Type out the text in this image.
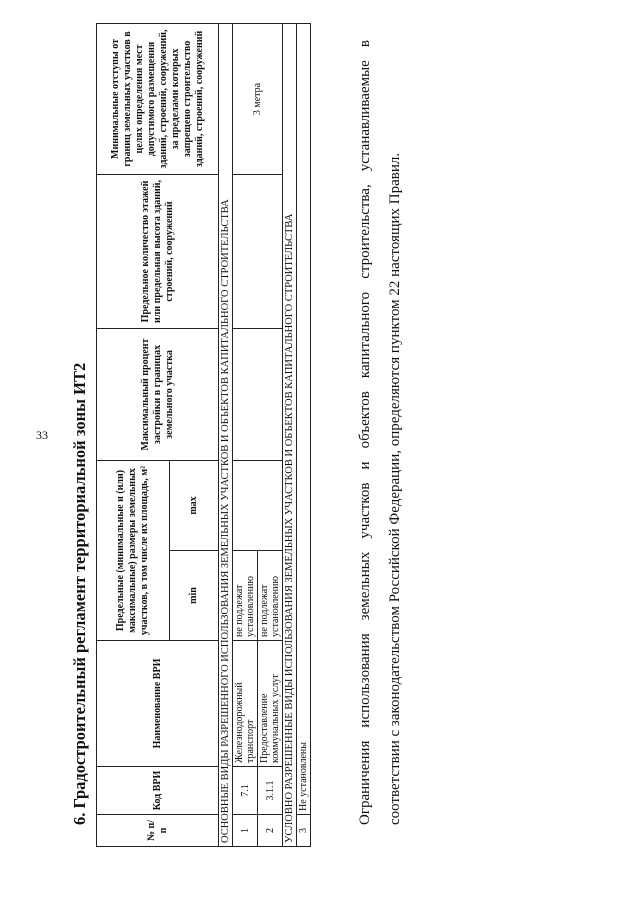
33 6. Градостроительный регламент территориальной зоны ИТ2
№ п/п	Код ВРИ	Наименование ВРИ	Предельные (минимальные и (или) максимальные) размеры земельных участков, в том числе их площадь, м²		Максимальный процент застройки в границах земельного участка	Предельное количество этажей или предельная высота зданий, строений, сооружений	Минимальные отступы от границ земельных участков в целях определения мест допустимого размещения зданий, строений, сооружений, за пределами которых запрещено строительство зданий, строений, сооружений
			min	max			
ОСНОВНЫЕ ВИДЫ РАЗРЕШЕННОГО ИСПОЛЬЗОВАНИЯ ЗЕМЕЛЬНЫХ УЧАСТКОВ И ОБЪЕКТОВ КАПИТАЛЬНОГО СТРОИТЕЛЬСТВА							
1	7.1	Железнодорожный транспорт	не подлежат установлению				3 метра
2	3.1.1	Предоставление коммунальных услуг	не подлежат установлению				
УСЛОВНО РАЗРЕШЕННЫЕ ВИДЫ ИСПОЛЬЗОВАНИЯ ЗЕМЕЛЬНЫХ УЧАСТКОВ И ОБЪЕКТОВ КАПИТАЛЬНОГО СТРОИТЕЛЬСТВА							
3	Не установлены							Ограничения использования земельных участков и объектов капитального строительства, устанавливаемые в соответствии с законодательством Российской Федерации, определяются пунктом 22 настоящих Правил.
